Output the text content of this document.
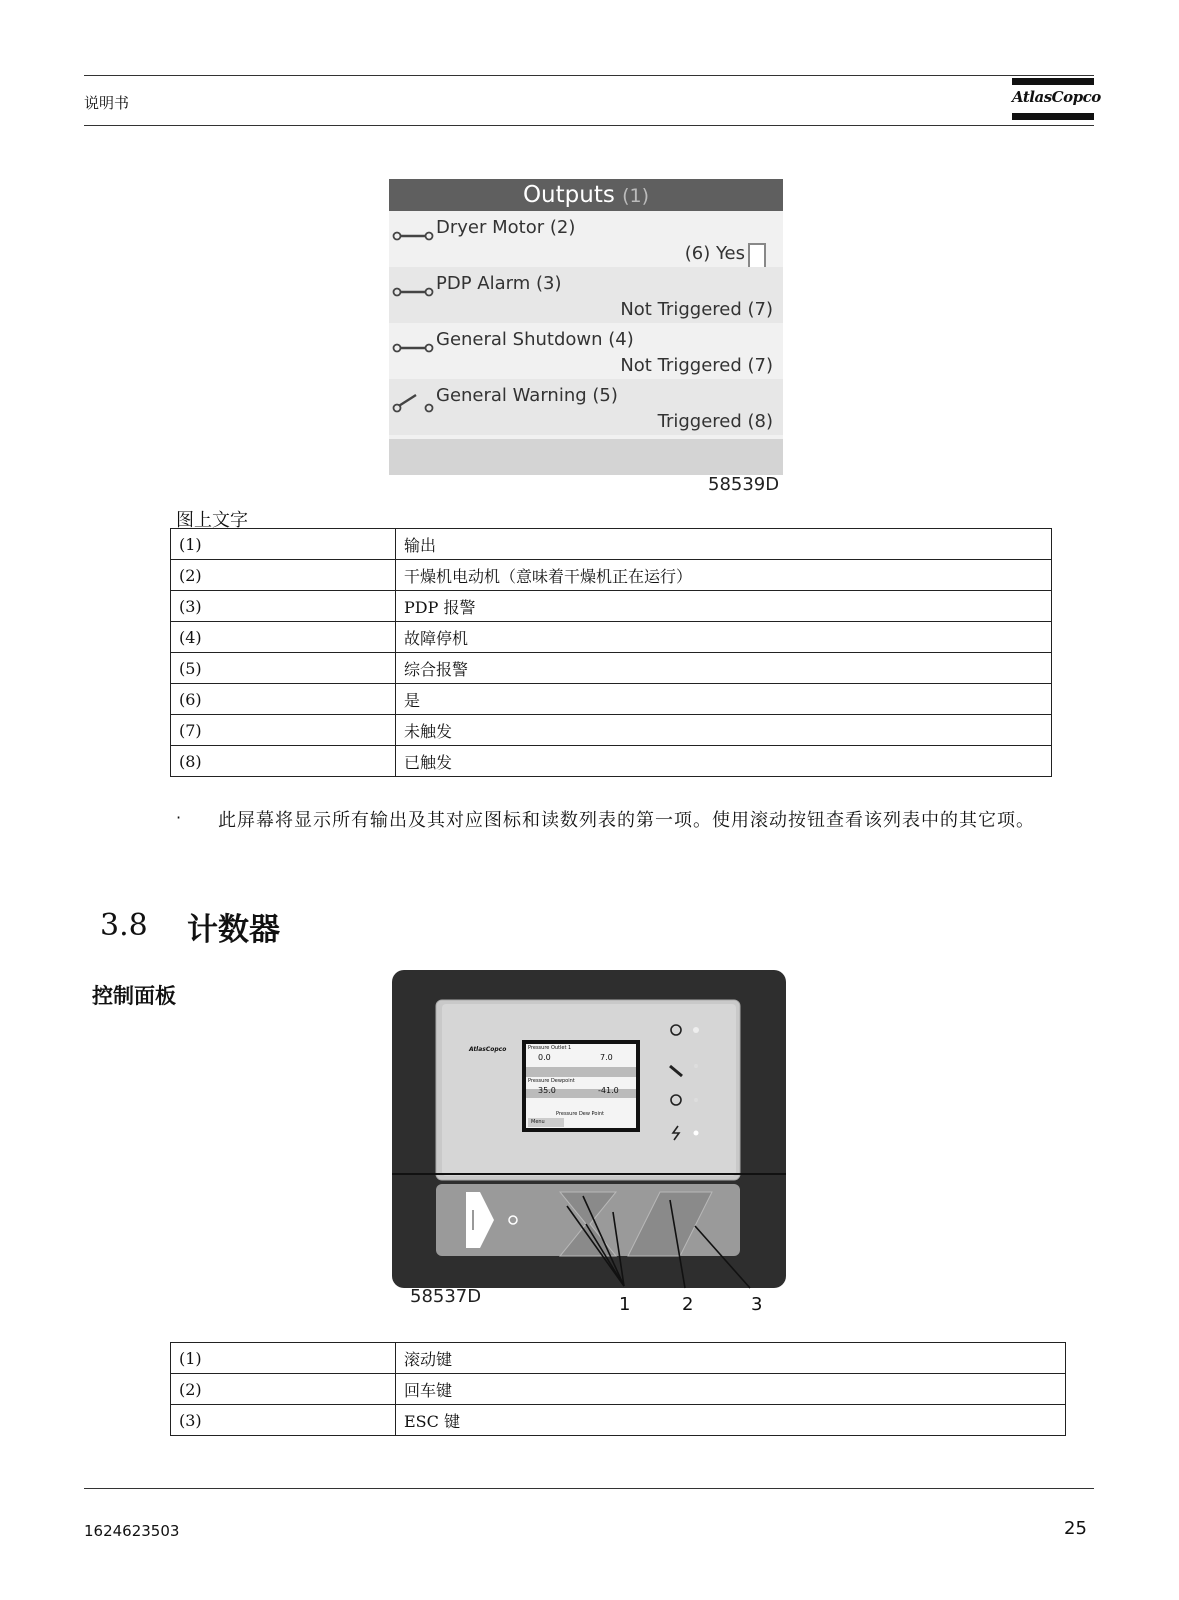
说明书	AtlasCopco
Outputs (1)
Dryer Motor (2)
(6) Yes
PDP Alarm (3)
Not Triggered (7)
General Shutdown (4)
Not Triggered (7)
General Warning (5)
Triggered (8)
58539D
图上文字
(1)	输出
(2)	干燥机电动机（意味着干燥机正在运行）
(3)	PDP 报警
(4)	故障停机
(5)	综合报警
(6)	是
(7)	未触发
(8)	已触发
· 此屏幕将显示所有输出及其对应图标和读数列表的第一项。使用滚动按钮查看该列表中的其它项。
3.8 计数器
控制面板
AtlasCopco	Pressure Outlet 1
0.0	7.0
Pressure Dewpoint
35.0	-41.0
Pressure Dew Point
Menu
58537D	1	2	3
(1)	滚动键
(2)	回车键
(3)	ESC 键
1624623503	25
